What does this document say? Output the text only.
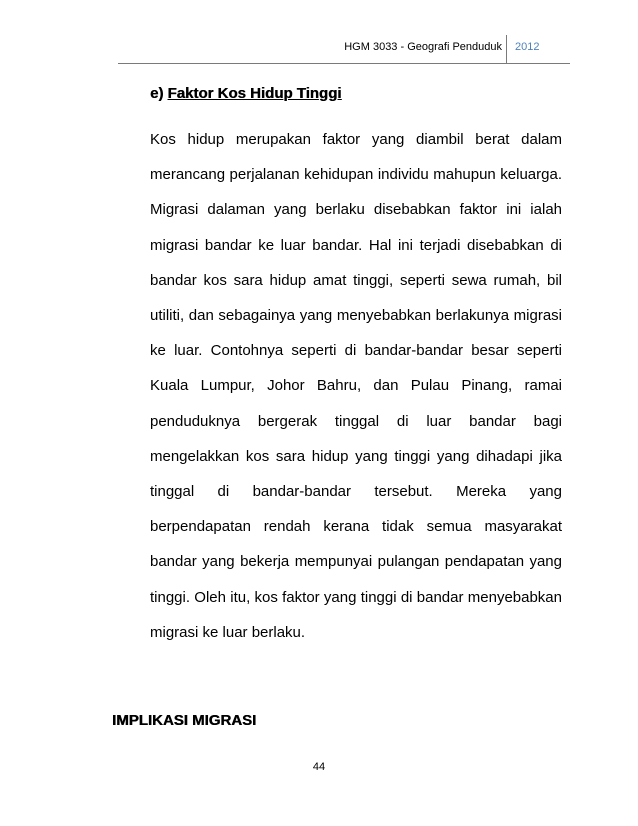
HGM 3033 - Geografi Penduduk 2012
e) Faktor Kos Hidup Tinggi
Kos hidup merupakan faktor yang diambil berat dalam merancang perjalanan kehidupan individu mahupun keluarga. Migrasi dalaman yang berlaku disebabkan faktor ini ialah migrasi bandar ke luar bandar. Hal ini terjadi disebabkan di bandar kos sara hidup amat tinggi, seperti sewa rumah, bil utiliti, dan sebagainya yang menyebabkan berlakunya migrasi ke luar. Contohnya seperti di bandar-bandar besar seperti Kuala Lumpur, Johor Bahru, dan Pulau Pinang, ramai penduduknya bergerak tinggal di luar bandar bagi mengelakkan kos sara hidup yang tinggi yang dihadapi jika tinggal di bandar-bandar tersebut. Mereka yang berpendapatan rendah kerana tidak semua masyarakat bandar yang bekerja mempunyai pulangan pendapatan yang tinggi. Oleh itu, kos faktor yang tinggi di bandar menyebabkan migrasi ke luar berlaku.
IMPLIKASI MIGRASI
44
